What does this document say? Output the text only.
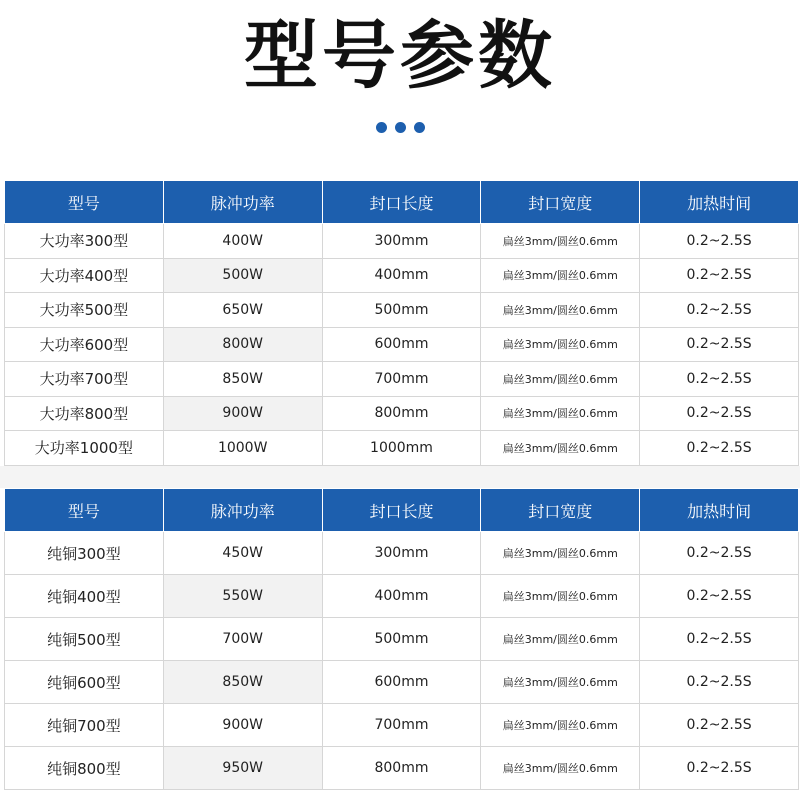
型号参数
型号	脉冲功率	封口长度	封口宽度	加热时间
大功率300型	400W	300mm	扁丝3mm/圆丝0.6mm	0.2~2.5S
大功率400型	500W	400mm	扁丝3mm/圆丝0.6mm	0.2~2.5S
大功率500型	650W	500mm	扁丝3mm/圆丝0.6mm	0.2~2.5S
大功率600型	800W	600mm	扁丝3mm/圆丝0.6mm	0.2~2.5S
大功率700型	850W	700mm	扁丝3mm/圆丝0.6mm	0.2~2.5S
大功率800型	900W	800mm	扁丝3mm/圆丝0.6mm	0.2~2.5S
大功率1000型	1000W	1000mm	扁丝3mm/圆丝0.6mm	0.2~2.5S
型号	脉冲功率	封口长度	封口宽度	加热时间
纯铜300型	450W	300mm	扁丝3mm/圆丝0.6mm	0.2~2.5S
纯铜400型	550W	400mm	扁丝3mm/圆丝0.6mm	0.2~2.5S
纯铜500型	700W	500mm	扁丝3mm/圆丝0.6mm	0.2~2.5S
纯铜600型	850W	600mm	扁丝3mm/圆丝0.6mm	0.2~2.5S
纯铜700型	900W	700mm	扁丝3mm/圆丝0.6mm	0.2~2.5S
纯铜800型	950W	800mm	扁丝3mm/圆丝0.6mm	0.2~2.5S
